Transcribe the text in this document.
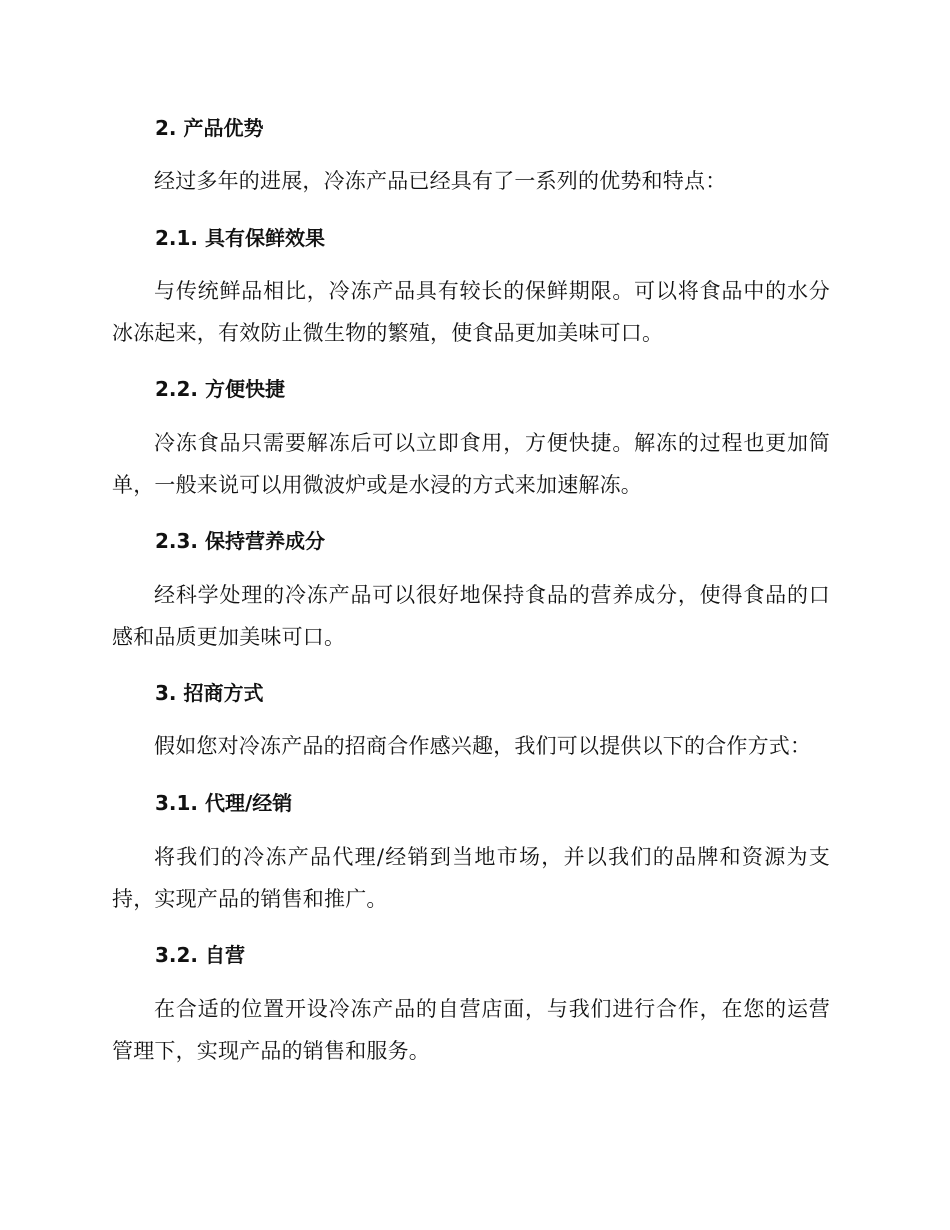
2. 产品优势
经过多年的进展，冷冻产品已经具有了一系列的优势和特点：
2.1. 具有保鲜效果
与传统鲜品相比，冷冻产品具有较长的保鲜期限。可以将食品中的水分冰冻起来，有效防止微生物的繁殖，使食品更加美味可口。
2.2. 方便快捷
冷冻食品只需要解冻后可以立即食用，方便快捷。解冻的过程也更加简单，一般来说可以用微波炉或是水浸的方式来加速解冻。
2.3. 保持营养成分
经科学处理的冷冻产品可以很好地保持食品的营养成分，使得食品的口感和品质更加美味可口。
3. 招商方式
假如您对冷冻产品的招商合作感兴趣，我们可以提供以下的合作方式：
3.1. 代理/经销
将我们的冷冻产品代理/经销到当地市场，并以我们的品牌和资源为支持，实现产品的销售和推广。
3.2. 自营
在合适的位置开设冷冻产品的自营店面，与我们进行合作，在您的运营管理下，实现产品的销售和服务。
